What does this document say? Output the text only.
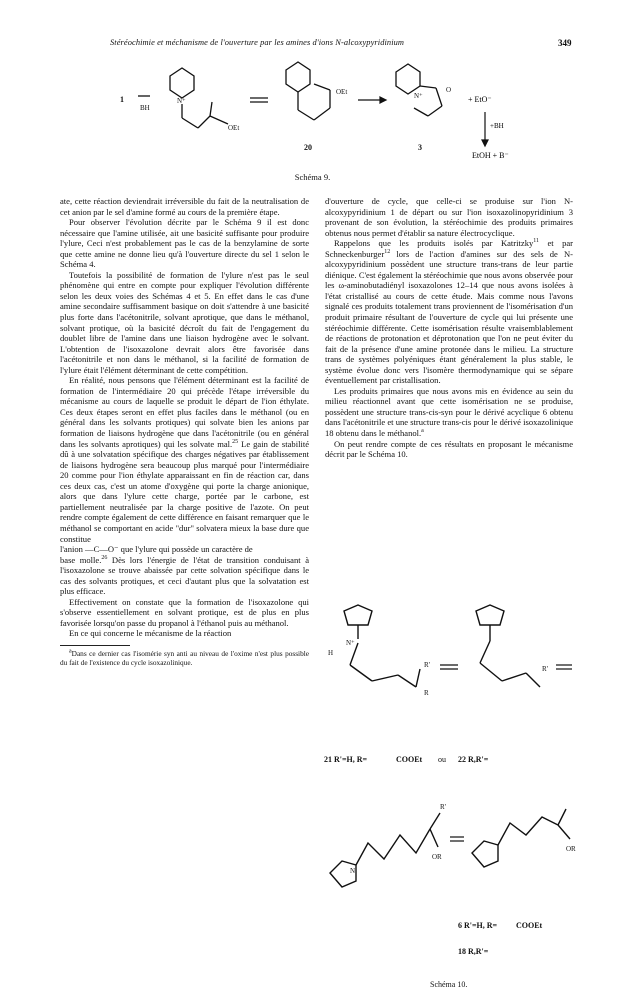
Stéréochimie et méchanisme de l'ouverture par les amines d'ions N-alcoxypyridinium	349
1
BH
N⁺
OEt
OEt
20
N⁺
O
3
+ EtO⁻
+BH
EtOH + B⁻
Schéma 9.

ate, cette réaction deviendrait irréversible du fait de la neutralisation de cet anion par le sel d'amine formé au cours de la première étape.

Pour observer l'évolution décrite par le Schéma 9 il est donc nécessaire que l'amine utilisée, ait une basicité suffisante pour produire l'ylure, Ceci n'est probablement pas le cas de la benzylamine de sorte que cette amine ne donne lieu qu'à l'ouverture directe du sel 1 selon le Schéma 4.

Toutefois la possibilité de formation de l'ylure n'est pas le seul phénomène qui entre en compte pour expliquer l'évolution différente selon les deux voies des Schémas 4 et 5. En effet dans le cas d'une amine secondaire suffisamment basique on doit s'attendre à une basicité plus forte dans l'acétonitrile, solvant aprotique, que dans le méthanol, solvant protique, où la basicité décroît du fait de l'engagement du doublet libre de l'amine dans une liaison hydrogène avec le solvant. L'obtention de l'isoxazolone devrait alors être favorisée dans l'acétonitrile et non dans le méthanol, si la facilité de formation de l'ylure était l'élément déterminant de cette compétition.

En réalité, nous pensons que l'élément déterminant est la facilité de formation de l'intermédiaire 20 qui précède l'étape irréversible du mécanisme au cours de laquelle se produit le départ de l'ion éthylate. Ces deux étapes seront en effet plus faciles dans le méthanol (ou en général dans les solvants protiques) qui solvate bien les anions par formation de liaisons hydrogène que dans l'acétonitrile (ou en général dans les solvants aprotiques) qui les solvate mal.$^{25}$ Le gain de stabilité dû à une solvatation spécifique des charges négatives par établissement de liaisons hydrogène sera beaucoup plus marqué pour l'intermédiaire 20 comme pour l'ion éthylate apparaissant en fin de réaction car, dans ces deux cas, c'est un atome d'oxygène qui porte la charge anionique, alors que dans l'ylure cette charge, portée par le carbone, est partiellement neutralisée par la charge positive de l'azote. On peut rendre compte également de cette différence en faisant remarquer que le méthanol se comportant en acide "dur" solvatera mieux la base dure que constitue

l'anion —C—O⁻ que l'ylure qui possède un caractère de

base molle.$^{26}$ Dès lors l'énergie de l'état de transition conduisant à l'isoxazolone se trouve abaissée par cette solvation spécifique dans le cas des solvants protiques, et ceci d'autant plus que la solvatation est plus efficace.

Effectivement on constate que la formation de l'isoxazolone qui s'observe essentiellement en solvant protique, est de plus en plus favorisée lorsqu'on passe du propanol à l'éthanol puis au méthanol.

En ce qui concerne le mécanisme de la réaction

$^a$Dans ce dernier cas l'isomérie syn anti au niveau de l'oxime n'est plus possible du fait de l'existence du cycle isoxazolinique.

d'ouverture de cycle, que celle-ci se produise sur l'ion N-alcoxypyridinium 1 de départ ou sur l'ion isoxazolinopyridinium 3 provenant de son évolution, la stéréochimie des produits primaires obtenus nous permet d'établir sa nature électrocyclique.

Rappelons que les produits isolés par Katritzky$^{11}$ et par Schneckenburger$^{12}$ lors de l'action d'amines sur des sels de N-alcoxypyridinium possèdent une structure trans-trans de leur partie diénique. C'est également la stéréochimie que nous avons observée pour les ω-aminobutadiényl isoxazolones 12–14 que nous avons isolées à l'état cristallisé au cours de cette étude. Mais comme nous l'avons signalé ces produits totalement trans proviennent de l'isomérisation d'un produit primaire résultant de l'ouverture de cycle qui lui présente une stéréochimie différente. Cette isomérisation résulte vraisemblablement de réactions de protonation et déprotonation que l'on ne peut éviter du fait de la présence d'une amine protonée dans le milieu. La structure trans de systèmes polyéniques étant généralement la plus stable, le système évolue donc vers l'isomère thermodynamique qui se sépare éventuellement par cristallisation.

Les produits primaires que nous avons mis en évidence au sein du milieu réactionnel avant que cette isomérisation ne se produise, possèdent une structure trans-cis-syn pour le dérivé acyclique 6 obtenu dans l'acétonitrile et une structure trans-cis pour le dérivé isoxazolinique 18 obtenu dans le méthanol.$^a$

On peut rendre compte de ces résultats en proposant le mécanisme décrit par le Schéma 10.

N⁺
H
R'
R
R'
N
R'
OR
OR
21 R'=H, R=	COOEt ou 22 R,R'=
6 R'=H, R= COOEt
18 R,R'=
Schéma 10.
